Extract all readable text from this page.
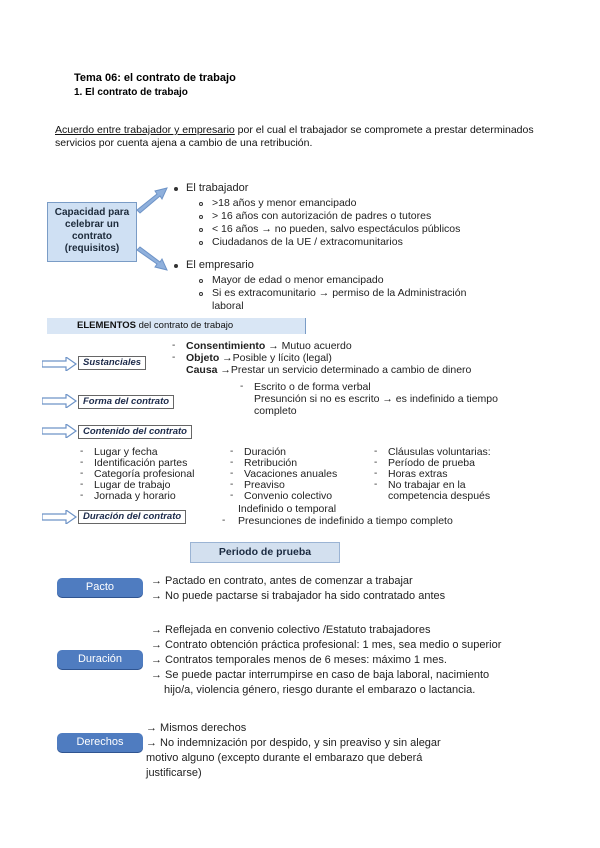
Tema 06: el contrato de trabajo
1. El contrato de trabajo
Acuerdo entre trabajador y empresario por el cual el trabajador se compromete a prestar determinados servicios por cuenta ajena a cambio de una retribución.
Capacidad para celebrar un contrato (requisitos)
El trabajador
>18 años y menor emancipado
> 16 años con autorización de padres o tutores
< 16 años → no pueden, salvo espectáculos públicos
Ciudadanos de la UE / extracomunitarios
El empresario
Mayor de edad o menor emancipado
Si es extracomunitario → permiso de la Administración
laboral
ELEMENTOS del contrato de trabajo
Sustanciales
- Consentimiento → Mutuo acuerdo
- Objeto →Posible y lícito (legal)
Causa →Prestar un servicio determinado a cambio de dinero
Forma del contrato
- Escrito o de forma verbal
Presunción si no es escrito → es indefinido a tiempo
completo
Contenido del contrato
- Lugar y fecha
- Identificación partes
- Categoría profesional
- Lugar de trabajo
- Jornada y horario
- Duración
- Retribución
- Vacaciones anuales
- Preaviso
- Convenio colectivo
- Cláusulas voluntarias:
- Período de prueba
- Horas extras
- No trabajar en la
competencia después
Duración del contrato
Indefinido o temporal
- Presunciones de indefinido a tiempo completo
Periodo de prueba
Pacto	→ Pactado en contrato, antes de comenzar a trabajar
→ No puede pactarse si trabajador ha sido contratado antes
Duración
→ Reflejada en convenio colectivo /Estatuto trabajadores
→ Contrato obtención práctica profesional: 1 mes, sea medio o superior
→ Contratos temporales menos de 6 meses: máximo 1 mes.
→ Se puede pactar interrumpirse en caso de baja laboral, nacimiento
hijo/a, violencia género, riesgo durante el embarazo o lactancia.
Derechos
→ Mismos derechos
→ No indemnización por despido, y sin preaviso y sin alegar
motivo alguno (excepto durante el embarazo que deberá
justificarse)
